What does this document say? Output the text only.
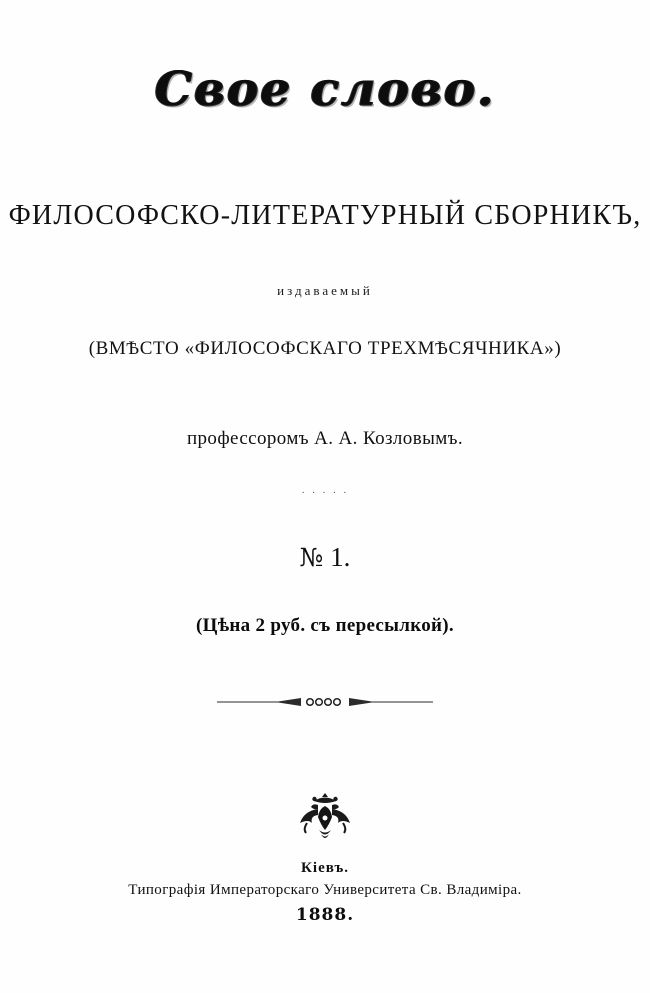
Свое слово.
ФИЛОСОФСКО-ЛИТЕРАТУРНЫЙ СБОРНИКЪ,
издаваемый
(ВМѢСТО «ФИЛОСОФСКАГО ТРЕХМѢСЯЧНИКА»)
профессоромъ А. А. Козловымъ.
· · · · ·
№ 1.
(Цѣна 2 руб. съ пересылкой).
Кіевъ.
Типографія Императорскаго Университета Св. Владиміра.
1888.
